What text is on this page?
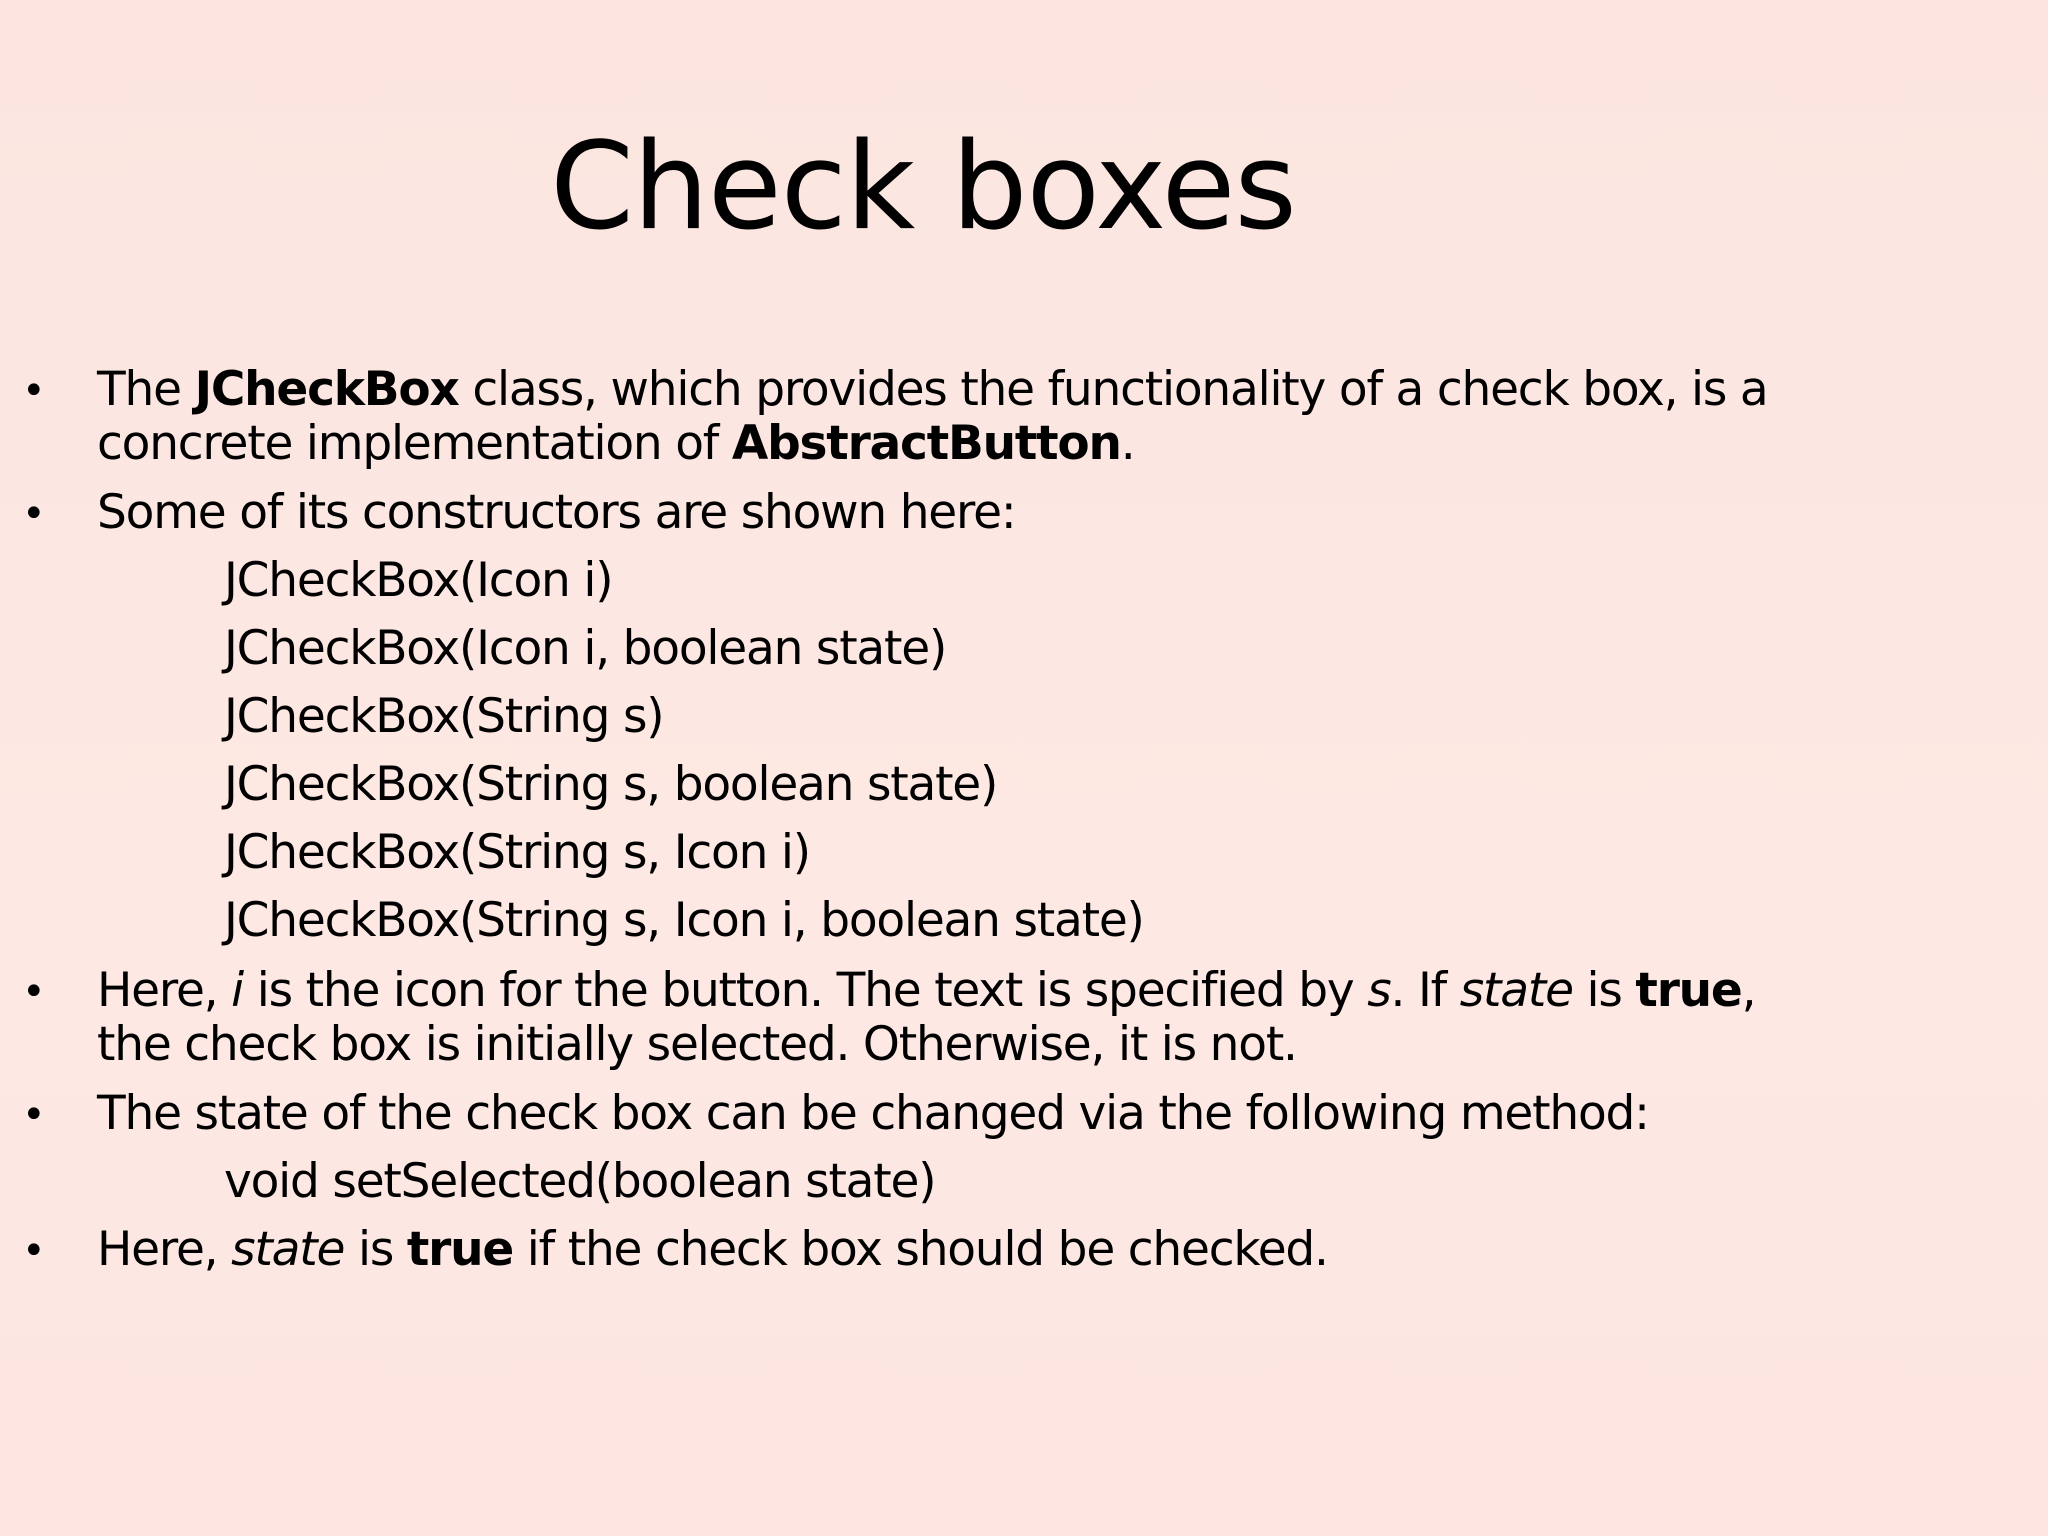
Check boxes
• The JCheckBox class, which provides the functionality of a check box, is a
concrete implementation of AbstractButton.
• Some of its constructors are shown here:
JCheckBox(Icon i)
JCheckBox(Icon i, boolean state)
JCheckBox(String s)
JCheckBox(String s, boolean state)
JCheckBox(String s, Icon i)
JCheckBox(String s, Icon i, boolean state)
• Here, i is the icon for the button. The text is specified by s. If state is true,
the check box is initially selected. Otherwise, it is not.
• The state of the check box can be changed via the following method:
void setSelected(boolean state)
• Here, state is true if the check box should be checked.
